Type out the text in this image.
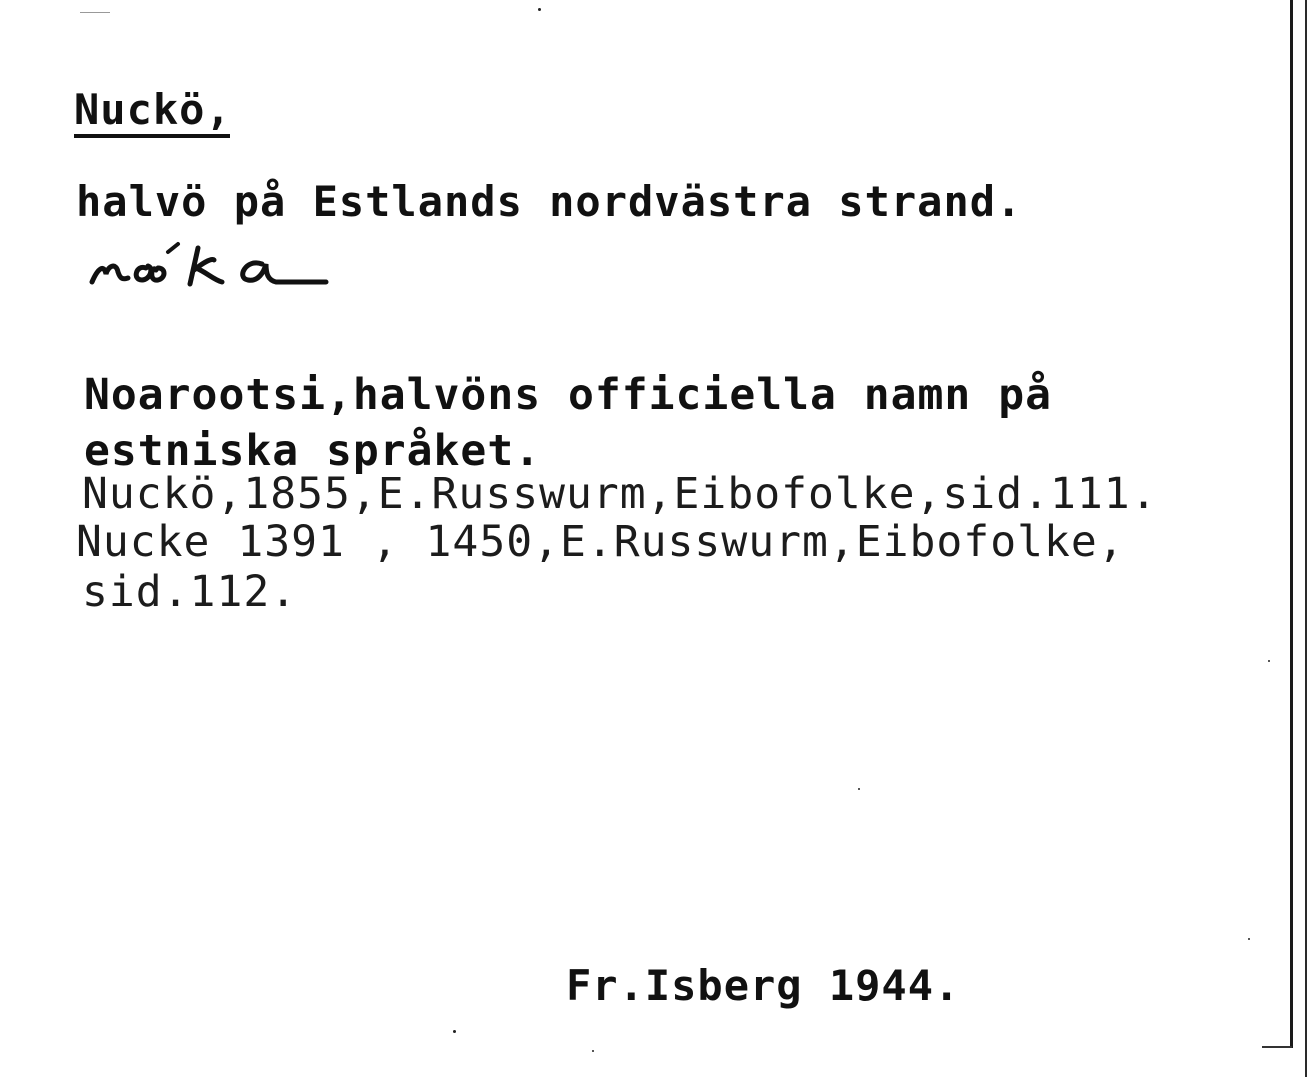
Nuckö,
halvö på Estlands nordvästra strand.
Noarootsi,halvöns officiella namn på
estniska språket.
Nuckö,1855,E.Russwurm,Eibofolke,sid.111.
Nucke 1391 , 1450,E.Russwurm,Eibofolke,
sid.112.
Fr.Isberg 1944.
